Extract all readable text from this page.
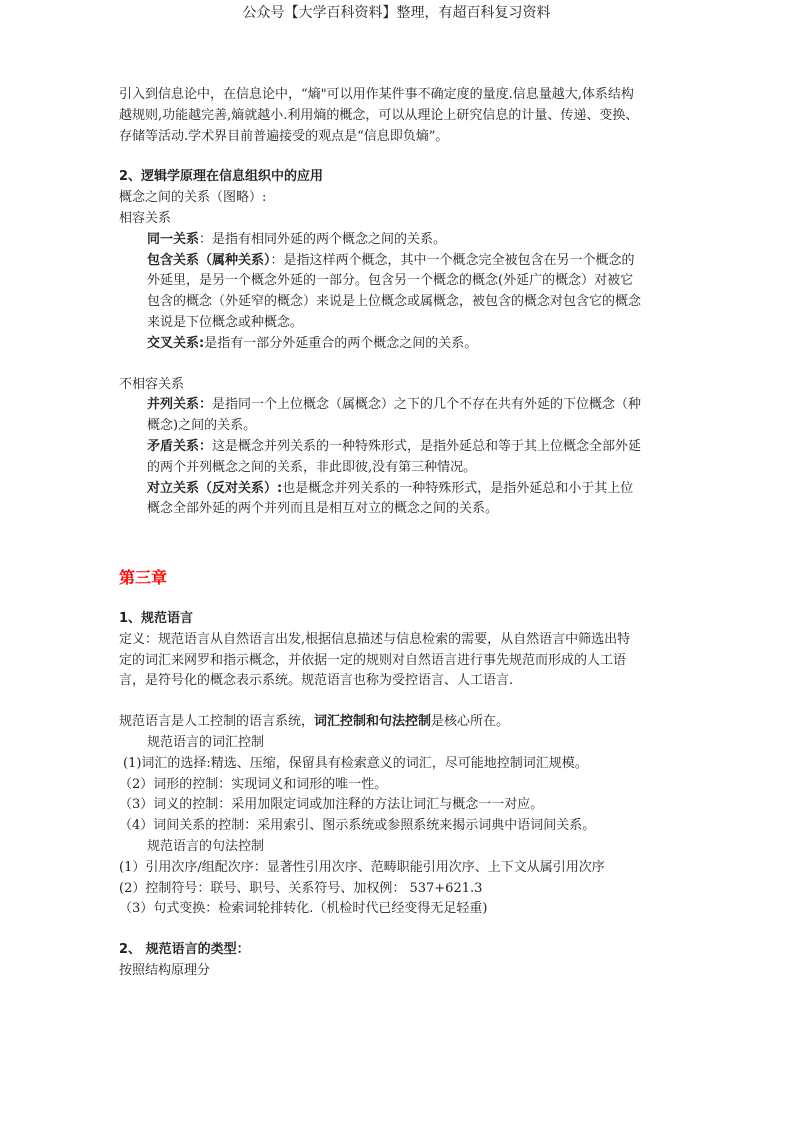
公众号【大学百科资料】整理，有超百科复习资料
引入到信息论中，在信息论中，“熵"可以用作某件事不确定度的量度.信息量越大,体系结构
越规则,功能越完善,熵就越小.利用熵的概念，可以从理论上研究信息的计量、传递、变换、
存储等活动.学术界目前普遍接受的观点是“信息即负熵”。
2、逻辑学原理在信息组织中的应用
概念之间的关系（图略）:
相容关系
同一关系：是指有相同外延的两个概念之间的关系。
包含关系（属种关系）：是指这样两个概念，其中一个概念完全被包含在另一个概念的
外延里，是另一个概念外延的一部分。包含另一个概念的概念(外延广的概念）对被它
包含的概念（外延窄的概念）来说是上位概念或属概念，被包含的概念对包含它的概念
来说是下位概念或种概念。
交叉关系:是指有一部分外延重合的两个概念之间的关系。
不相容关系
并列关系：是指同一个上位概念（属概念）之下的几个不存在共有外延的下位概念（种
概念)之间的关系。
矛盾关系：这是概念并列关系的一种特殊形式，是指外延总和等于其上位概念全部外延
的两个并列概念之间的关系，非此即彼,没有第三种情况。
对立关系（反对关系）:也是概念并列关系的一种特殊形式，是指外延总和小于其上位
概念全部外延的两个并列而且是相互对立的概念之间的关系。
第三章
1、规范语言
定义：规范语言从自然语言出发,根据信息描述与信息检索的需要，从自然语言中筛选出特
定的词汇来网罗和指示概念，并依据一定的规则对自然语言进行事先规范而形成的人工语
言，是符号化的概念表示系统。规范语言也称为受控语言、人工语言.
规范语言是人工控制的语言系统，词汇控制和句法控制是核心所在。
规范语言的词汇控制
(1)词汇的选择:精选、压缩，保留具有检索意义的词汇，尽可能地控制词汇规模。
（2）词形的控制：实现词义和词形的唯一性。
（3）词义的控制：采用加限定词或加注释的方法让词汇与概念一一对应。
（4）词间关系的控制：采用索引、图示系统或参照系统来揭示词典中语词间关系。
规范语言的句法控制
(1）引用次序/组配次序：显著性引用次序、范畴职能引用次序、上下文从属引用次序
(2）控制符号：联号、职号、关系符号、加权例： 537+621.3
（3）句式变换：检索词轮排转化.（机检时代已经变得无足轻重)
2、 规范语言的类型：
按照结构原理分
